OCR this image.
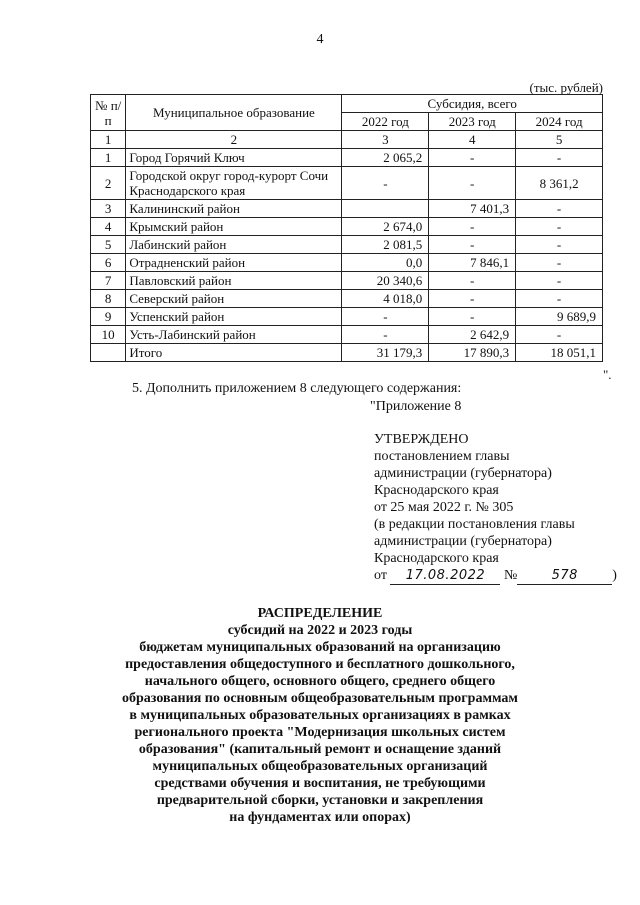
4
(тыс. рублей)
№ п/п	Муниципальное образование	Субсидия, всего		
		2022 год	2023 год	2024 год
1	2	3	4	5
1	Город Горячий Ключ	2 065,2	-	-
2	Городской округ город-курорт Сочи Краснодарского края	-	-	8 361,2
3	Калининский район		7 401,3	-
4	Крымский район	2 674,0	-	-
5	Лабинский район	2 081,5	-	-
6	Отрадненский район	0,0	7 846,1	-
7	Павловский район	20 340,6	-	-
8	Северский район	4 018,0	-	-
9	Успенский район	-	-	9 689,9
10	Усть-Лабинский район	-	2 642,9	-
	Итого	31 179,3	17 890,3	18 051,1
".
5. Дополнить приложением 8 следующего содержания:
"Приложение 8
УТВЕРЖДЕНО
постановлением главы
администрации (губернатора)
Краснодарского края
от 25 мая 2022 г. № 305
(в редакции постановления главы
администрации (губернатора)
Краснодарского края
от 17.08.2022 №	578 )
РАСПРЕДЕЛЕНИЕ
субсидий на 2022 и 2023 годы
бюджетам муниципальных образований на организацию
предоставления общедоступного и бесплатного дошкольного,
начального общего, основного общего, среднего общего
образования по основным общеобразовательным программам
в муниципальных образовательных организациях в рамках
регионального проекта "Модернизация школьных систем
образования" (капитальный ремонт и оснащение зданий
муниципальных общеобразовательных организаций
средствами обучения и воспитания, не требующими
предварительной сборки, установки и закрепления
на фундаментах или опорах)
